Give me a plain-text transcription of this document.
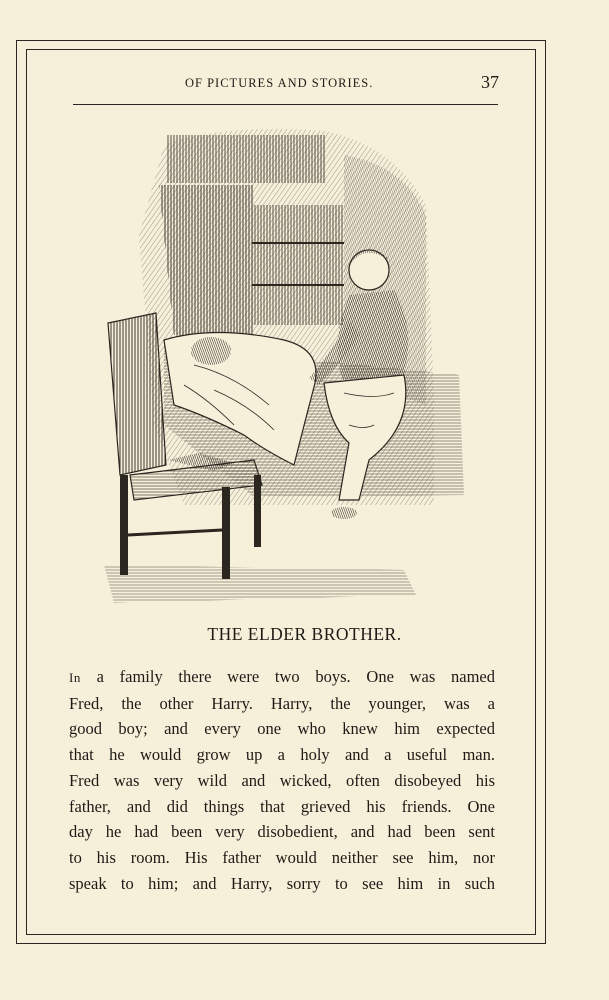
OF PICTURES AND STORIES.	37
THE ELDER BROTHER.
In a family there were two boys. One was named
Fred, the other Harry. Harry, the younger, was a
good boy; and every one who knew him expected
that he would grow up a holy and a useful man.
Fred was very wild and wicked, often disobeyed his
father, and did things that grieved his friends. One
day he had been very disobedient, and had been sent
to his room. His father would neither see him, nor
speak to him; and Harry, sorry to see him in such
